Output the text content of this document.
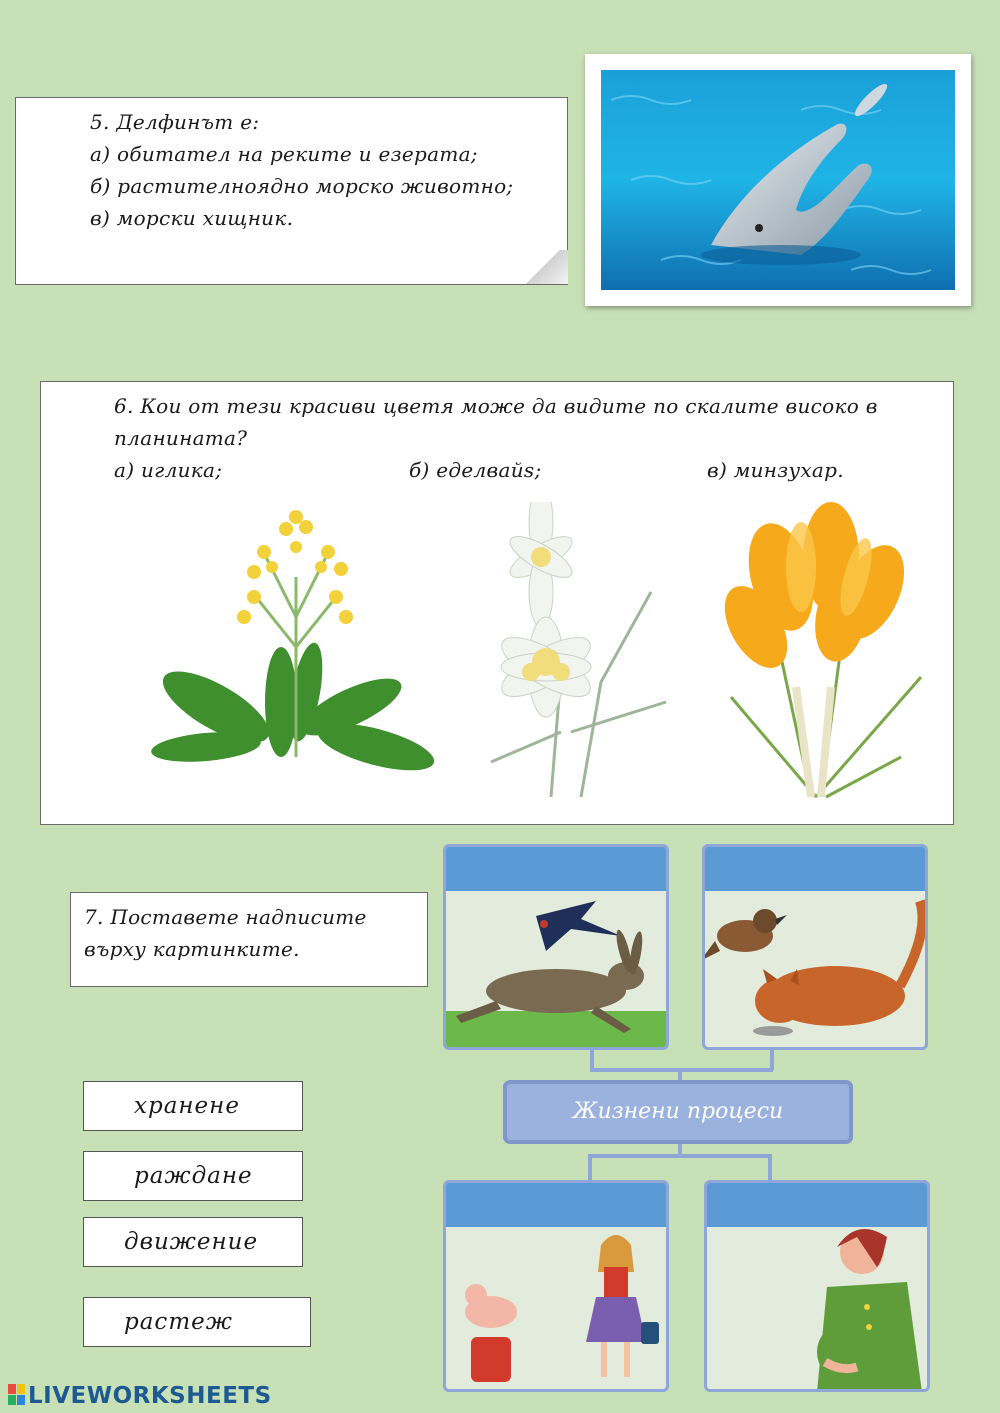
5. Делфинът е:
а) обитател на реките и езерата;
б) растителноядно морско животно;
в) морски хищник.
6. Кои от тези красиви цветя може да видите по скалите високо в планината?
а) иглика;	б) еделвайs;	в) минзухар.
7. Поставете надписите върху картинките.
хранене
раждане
движение
растеж
Жизнени процеси
LIVEWORKSHEETS
